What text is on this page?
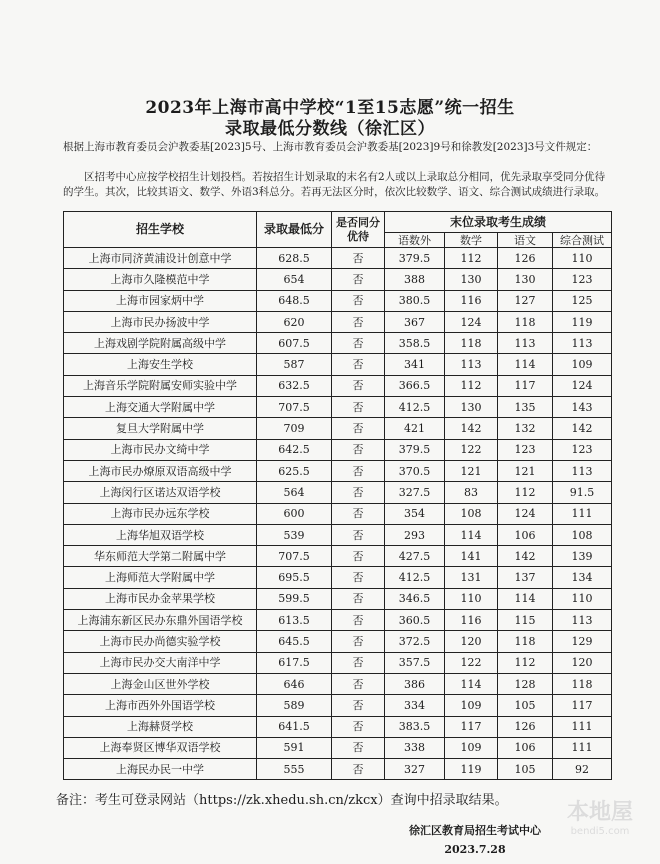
2023年上海市高中学校“1至15志愿”统一招生
录取最低分数线（徐汇区）
根据上海市教育委员会沪教委基[2023]5号、上海市教育委员会沪教委基[2023]9号和徐教发[2023]3号文件规定：
区招考中心应按学校招生计划投档。若按招生计划录取的末名有2人或以上录取总分相同，优先录取享受同分优待的学生。其次，比较其语文、数学、外语3科总分。若再无法区分时，依次比较数学、语文、综合测试成绩进行录取。
招生学校	录取最低分	是否同分优待	末位录取考生成绩			
			语数外	数学	语文	综合测试
上海市同济黄浦设计创意中学	628.5	否	379.5	112	126	110
上海市久隆模范中学	654	否	388	130	130	123
上海市园家炳中学	648.5	否	380.5	116	127	125
上海市民办扬波中学	620	否	367	124	118	119
上海戏剧学院附属高级中学	607.5	否	358.5	118	113	113
上海安生学校	587	否	341	113	114	109
上海音乐学院附属安师实验中学	632.5	否	366.5	112	117	124
上海交通大学附属中学	707.5	否	412.5	130	135	143
复旦大学附属中学	709	否	421	142	132	142
上海市民办文绮中学	642.5	否	379.5	122	123	123
上海市民办燎原双语高级中学	625.5	否	370.5	121	121	113
上海闵行区诺达双语学校	564	否	327.5	83	112	91.5
上海市民办远东学校	600	否	354	108	124	111
上海华旭双语学校	539	否	293	114	106	108
华东师范大学第二附属中学	707.5	否	427.5	141	142	139
上海师范大学附属中学	695.5	否	412.5	131	137	134
上海市民办金苹果学校	599.5	否	346.5	110	114	110
上海浦东新区民办东鼎外国语学校	613.5	否	360.5	116	115	113
上海市民办尚德实验学校	645.5	否	372.5	120	118	129
上海市民办交大南洋中学	617.5	否	357.5	122	112	120
上海金山区世外学校	646	否	386	114	128	118
上海市西外外国语学校	589	否	334	109	105	117
上海赫贤学校	641.5	否	383.5	117	126	111
上海奉贤区博华双语学校	591	否	338	109	106	111
上海民办民一中学	555	否	327	119	105	92
备注：考生可登录网站（https://zk.xhedu.sh.cn/zkcx）查询中招录取结果。
徐汇区教育局招生考试中心
2023.7.28
本地屋
bendi5.com
